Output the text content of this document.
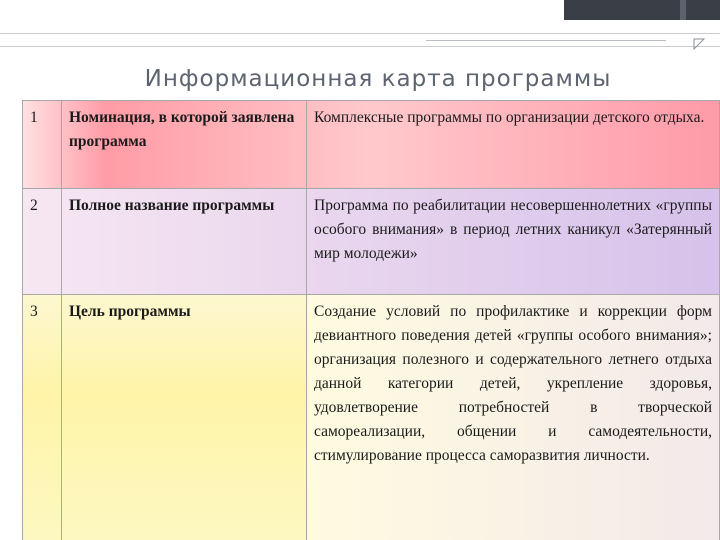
Информационная карта программы
1	Номинация, в которой заявлена программа	Комплексные программы по организации детского отдыха.
2	Полное название программы	Программа по реабилитации несовершеннолетних «группы особого внимания» в период летних каникул «Затерянный мир молодежи»
3	Цель программы	Создание условий по профилактике и коррекции форм девиантного поведения детей «группы особого внимания»; организация полезного и содержательного летнего отдыха данной категории детей, укрепление здоровья, удовлетворение потребностей в творческой самореализации, общении и самодеятельности, стимулирование процесса саморазвития личности.
